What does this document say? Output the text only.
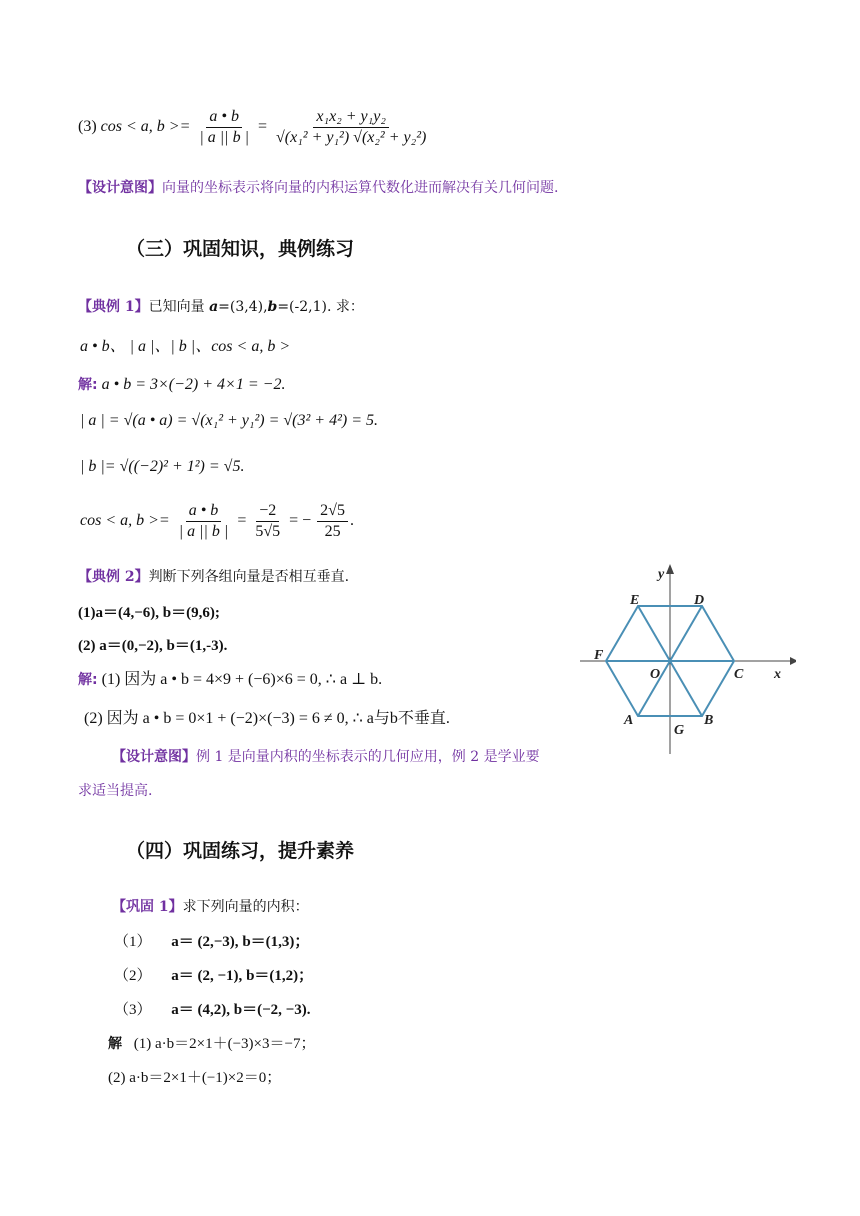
(3) cos < a, $b >= \frac{a • b}{| a || b |} = \frac{\text{x₁x₂ + y₁y₂}}{\text{√(x₁² + y₁²) √(x₂² + y₂²)}}$
【设计意图】向量的坐标表示将向量的内积运算代数化进而解决有关几何问题.
（三）巩固知识，典例练习
【典例 1】已知向量 a=(3,4),b=(-2,1). 求：
a • b、 | a |、| b |、cos < a, b >
解: a • b = 3×(−2) + 4×1 = −2.
| a | = √(a • a) = √(x₁² + y₁²) = √(3² + 4²) = 5.
| b |= √((−2)² + 1²) = √5.
cos < a, $b >= \frac{a • b}{| a || b |} = \frac{-2}{5√5}$ = − $\frac{2√5}{25}$ .
【典例 2】判断下列各组向量是否相互垂直.
(1)a＝(4,−6), b＝(9,6);
(2) a＝(0,−2), b＝(1,-3).
解: (1) 因为 a • b = 4×9 + (−6)×6 = 0, ∴ a ⊥ b.
(2) 因为 a • b = 0×1 + (−2)×(−3) = 6 ≠ 0, ∴ a与b不垂直.
【设计意图】例 1 是向量内积的坐标表示的几何应用，例 2 是学业要
求适当提高.
y
x
E	D
F
O	C
A
G
B
（四）巩固练习，提升素养
【巩固 1】求下列向量的内积：
（1） a＝ (2,−3), b＝(1,3)；
（2） a＝ (2, −1), b＝(1,2)；
（3） a＝ (4,2), b＝(−2, −3).
解 (1) a·b＝2×1＋(−3)×3＝−7；
(2) a·b＝2×1＋(−1)×2＝0；
